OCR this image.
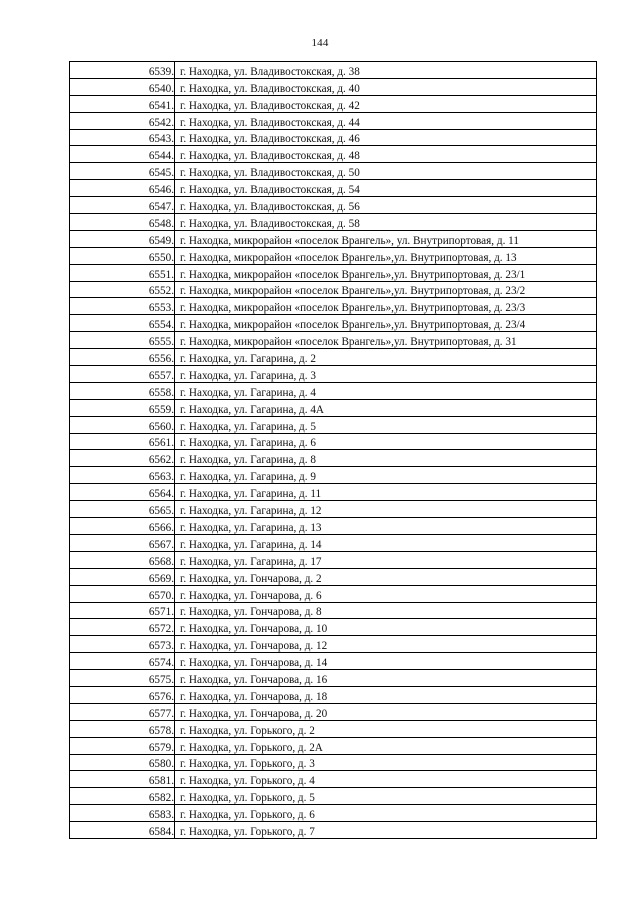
144
6539.	г. Находка, ул. Владивостокская, д. 38
6540.	г. Находка, ул. Владивостокская, д. 40
6541.	г. Находка, ул. Владивостокская, д. 42
6542.	г. Находка, ул. Владивостокская, д. 44
6543.	г. Находка, ул. Владивостокская, д. 46
6544.	г. Находка, ул. Владивостокская, д. 48
6545.	г. Находка, ул. Владивостокская, д. 50
6546.	г. Находка, ул. Владивостокская, д. 54
6547.	г. Находка, ул. Владивостокская, д. 56
6548.	г. Находка, ул. Владивостокская, д. 58
6549.	г. Находка, микрорайон «поселок Врангель», ул. Внутрипортовая, д. 11
6550.	г. Находка, микрорайон «поселок Врангель»,ул. Внутрипортовая, д. 13
6551.	г. Находка, микрорайон «поселок Врангель»,ул. Внутрипортовая, д. 23/1
6552.	г. Находка, микрорайон «поселок Врангель»,ул. Внутрипортовая, д. 23/2
6553.	г. Находка, микрорайон «поселок Врангель»,ул. Внутрипортовая, д. 23/3
6554.	г. Находка, микрорайон «поселок Врангель»,ул. Внутрипортовая, д. 23/4
6555.	г. Находка, микрорайон «поселок Врангель»,ул. Внутрипортовая, д. 31
6556.	г. Находка, ул. Гагарина, д. 2
6557.	г. Находка, ул. Гагарина, д. 3
6558.	г. Находка, ул. Гагарина, д. 4
6559.	г. Находка, ул. Гагарина, д. 4А
6560.	г. Находка, ул. Гагарина, д. 5
6561.	г. Находка, ул. Гагарина, д. 6
6562.	г. Находка, ул. Гагарина, д. 8
6563.	г. Находка, ул. Гагарина, д. 9
6564.	г. Находка, ул. Гагарина, д. 11
6565.	г. Находка, ул. Гагарина, д. 12
6566.	г. Находка, ул. Гагарина, д. 13
6567.	г. Находка, ул. Гагарина, д. 14
6568.	г. Находка, ул. Гагарина, д. 17
6569.	г. Находка, ул. Гончарова, д. 2
6570.	г. Находка, ул. Гончарова, д. 6
6571.	г. Находка, ул. Гончарова, д. 8
6572.	г. Находка, ул. Гончарова, д. 10
6573.	г. Находка, ул. Гончарова, д. 12
6574.	г. Находка, ул. Гончарова, д. 14
6575.	г. Находка, ул. Гончарова, д. 16
6576.	г. Находка, ул. Гончарова, д. 18
6577.	г. Находка, ул. Гончарова, д. 20
6578.	г. Находка, ул. Горького, д. 2
6579.	г. Находка, ул. Горького, д. 2А
6580.	г. Находка, ул. Горького, д. 3
6581.	г. Находка, ул. Горького, д. 4
6582.	г. Находка, ул. Горького, д. 5
6583.	г. Находка, ул. Горького, д. 6
6584.	г. Находка, ул. Горького, д. 7
